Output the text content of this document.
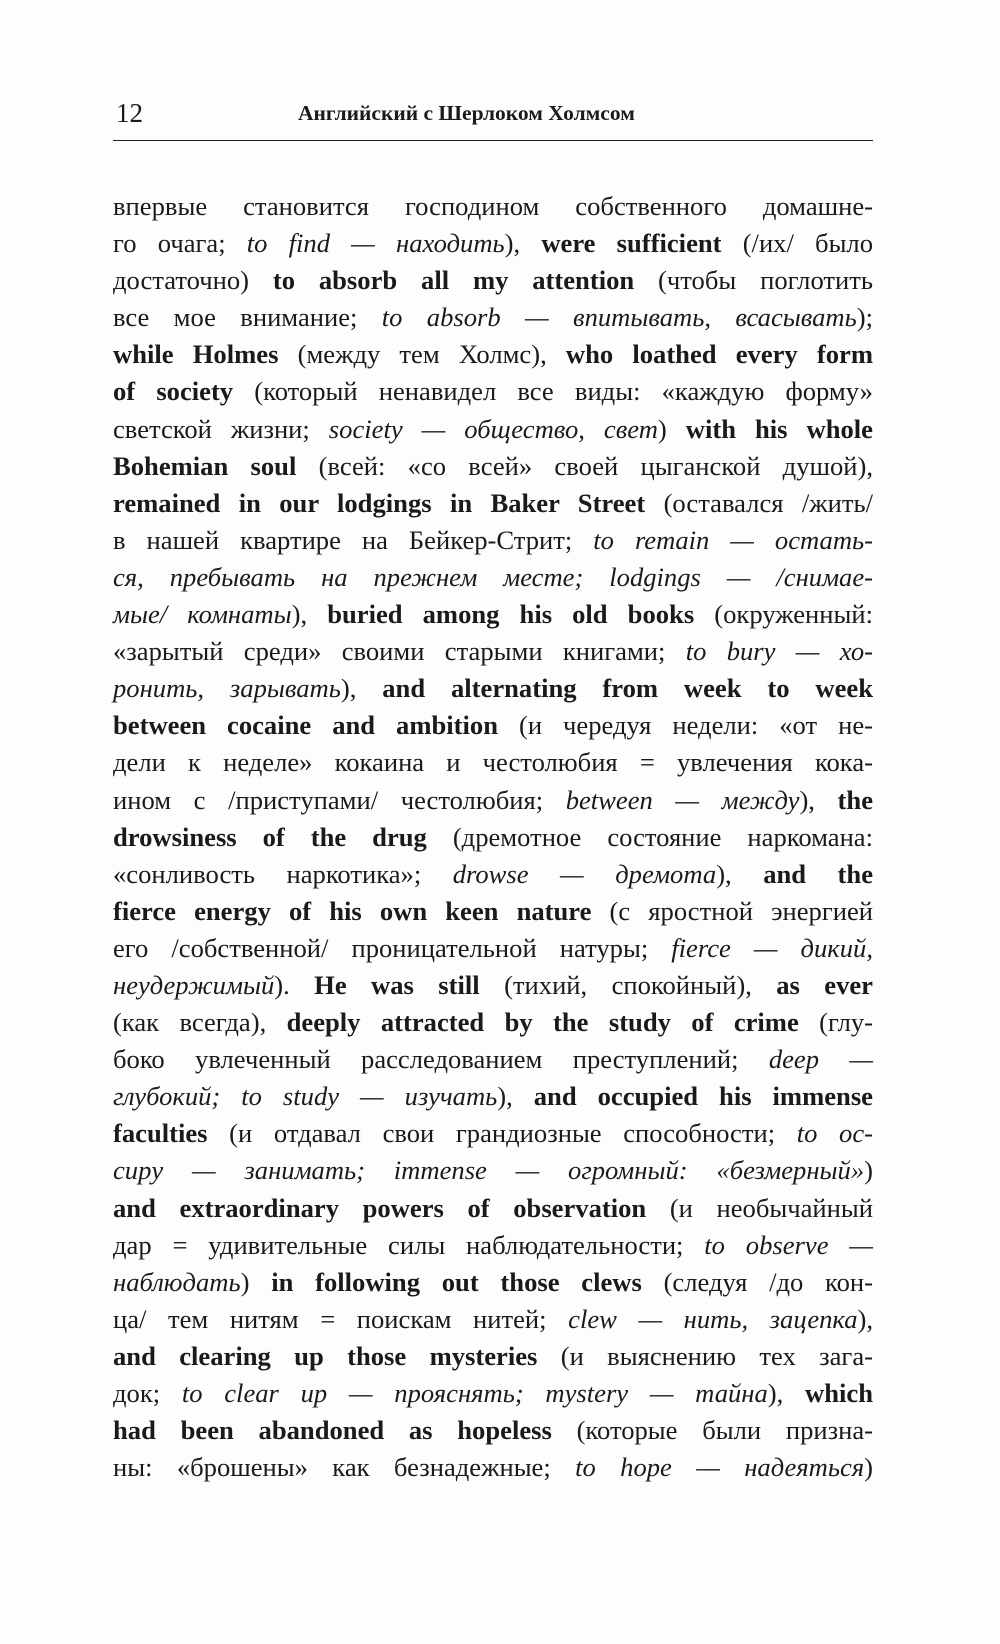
12	Английский с Шерлоком Холмсом
впервые становится господином собственного домашне-
го очага; to find — находить), were sufficient (/их/ было
достаточно) to absorb all my attention (чтобы поглотить
все мое внимание; to absorb — впитывать, всасывать);
while Holmes (между тем Холмс), who loathed every form
of society (который ненавидел все виды: «каждую форму»
светской жизни; society — общество, свет) with his whole
Bohemian soul (всей: «со всей» своей цыганской душой),
remained in our lodgings in Baker Street (оставался /жить/
в нашей квартире на Бейкер-Стрит; to remain — остать-
ся, пребывать на прежнем месте; lodgings — /снимае-
мые/ комнаты), buried among his old books (окруженный:
«зарытый среди» своими старыми книгами; to bury — хо-
ронить, зарывать), and alternating from week to week
between cocaine and ambition (и чередуя недели: «от не-
дели к неделе» кокаина и честолюбия = увлечения кока-
ином с /приступами/ честолюбия; between — между), the
drowsiness of the drug (дремотное состояние наркомана:
«сонливость наркотика»; drowse — дремота), and the
fierce energy of his own keen nature (с яростной энергией
его /собственной/ проницательной натуры; fierce — дикий,
неудержимый). He was still (тихий, спокойный), as ever
(как всегда), deeply attracted by the study of crime (глу-
боко увлеченный расследованием преступлений; deep —
глубокий; to study — изучать), and occupied his immense
faculties (и отдавал свои грандиозные способности; to oc-
cupy — занимать; immense — огромный: «безмерный»)
and extraordinary powers of observation (и необычайный
дар = удивительные силы наблюдательности; to observe —
наблюдать) in following out those clews (следуя /до кон-
ца/ тем нитям = поискам нитей; clew — нить, зацепка),
and clearing up those mysteries (и выяснению тех зага-
док; to clear up — прояснять; mystery — тайна), which
had been abandoned as hopeless (которые были призна-
ны: «брошены» как безнадежные; to hope — надеяться)
